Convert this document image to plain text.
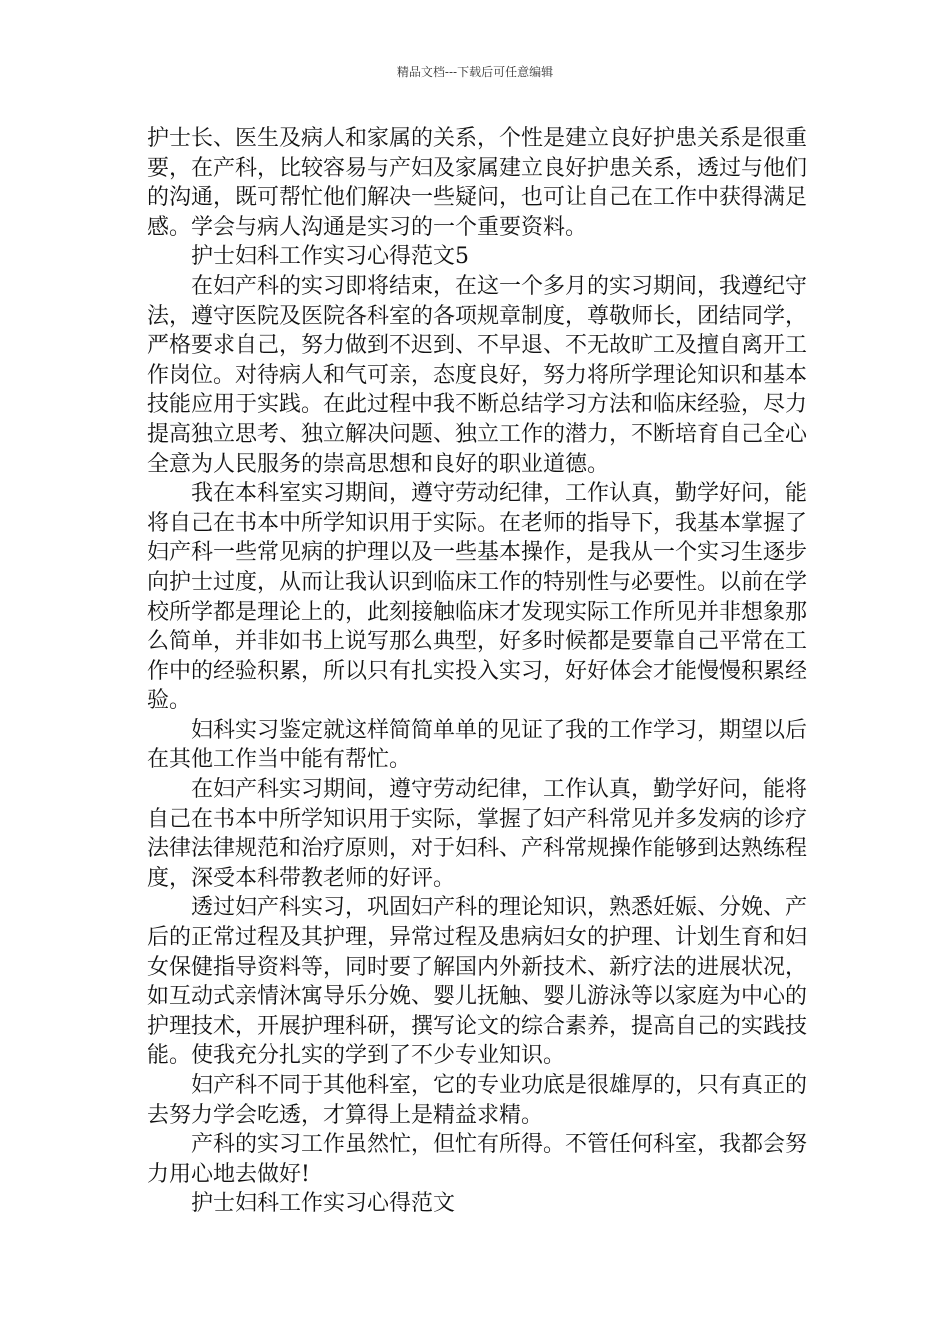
精品文档---下载后可任意编辑

护士长、医生及病人和家属的关系，个性是建立良好护患关系是很重要，在产科，比较容易与产妇及家属建立良好护患关系，透过与他们的沟通，既可帮忙他们解决一些疑问，也可让自己在工作中获得满足感。学会与病人沟通是实习的一个重要资料。

护士妇科工作实习心得范文5

在妇产科的实习即将结束，在这一个多月的实习期间，我遵纪守法，遵守医院及医院各科室的各项规章制度，尊敬师长，团结同学，严格要求自己，努力做到不迟到、不早退、不无故旷工及擅自离开工作岗位。对待病人和气可亲，态度良好，努力将所学理论知识和基本技能应用于实践。在此过程中我不断总结学习方法和临床经验，尽力提高独立思考、独立解决问题、独立工作的潜力，不断培育自己全心全意为人民服务的崇高思想和良好的职业道德。

我在本科室实习期间，遵守劳动纪律，工作认真，勤学好问，能将自己在书本中所学知识用于实际。在老师的指导下，我基本掌握了妇产科一些常见病的护理以及一些基本操作，是我从一个实习生逐步向护士过度，从而让我认识到临床工作的特别性与必要性。以前在学校所学都是理论上的，此刻接触临床才发现实际工作所见并非想象那么简单，并非如书上说写那么典型，好多时候都是要靠自己平常在工作中的经验积累，所以只有扎实投入实习，好好体会才能慢慢积累经验。

妇科实习鉴定就这样简简单单的见证了我的工作学习，期望以后在其他工作当中能有帮忙。

在妇产科实习期间，遵守劳动纪律，工作认真，勤学好问，能将自己在书本中所学知识用于实际，掌握了妇产科常见并多发病的诊疗法律法律规范和治疗原则，对于妇科、产科常规操作能够到达熟练程度，深受本科带教老师的好评。

透过妇产科实习，巩固妇产科的理论知识，熟悉妊娠、分娩、产后的正常过程及其护理，异常过程及患病妇女的护理、计划生育和妇女保健指导资料等，同时要了解国内外新技术、新疗法的进展状况，如互动式亲情沐寓导乐分娩、婴儿抚触、婴儿游泳等以家庭为中心的护理技术，开展护理科研，撰写论文的综合素养，提高自己的实践技能。使我充分扎实的学到了不少专业知识。

妇产科不同于其他科室，它的专业功底是很雄厚的，只有真正的去努力学会吃透，才算得上是精益求精。

产科的实习工作虽然忙，但忙有所得。不管任何科室，我都会努力用心地去做好!

护士妇科工作实习心得范文
